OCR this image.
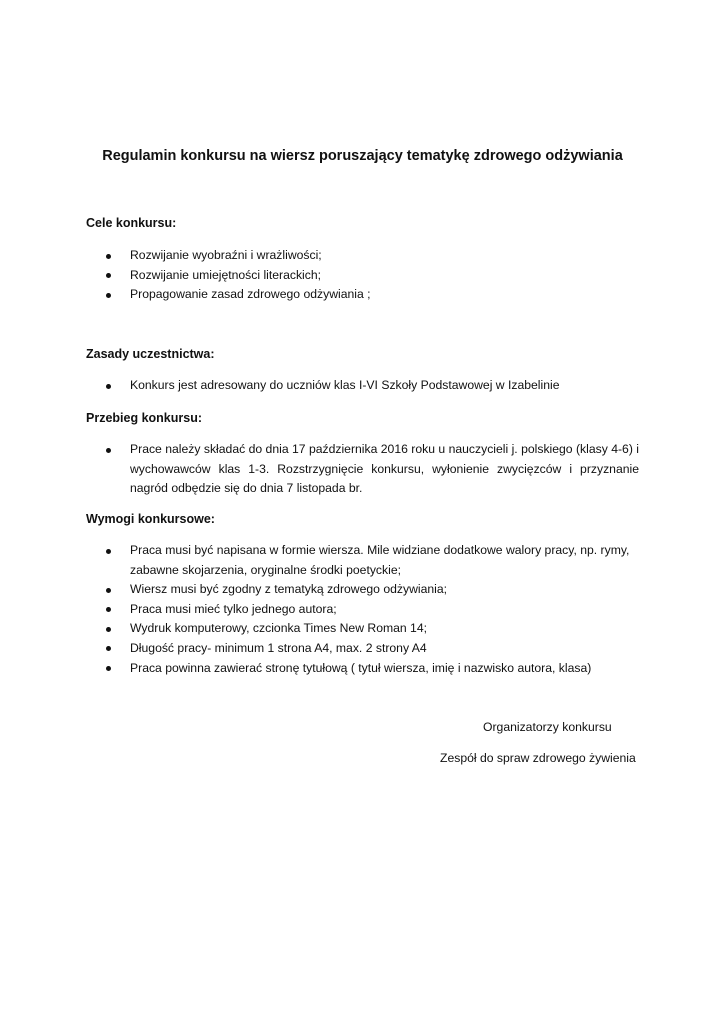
Regulamin konkursu na wiersz poruszający tematykę zdrowego odżywiania
Cele konkursu:
Rozwijanie wyobraźni i wrażliwości;
Rozwijanie umiejętności literackich;
Propagowanie zasad zdrowego odżywiania ;
Zasady uczestnictwa:
Konkurs jest adresowany do uczniów klas I-VI Szkoły Podstawowej w Izabelinie
Przebieg konkursu:
Prace należy składać do dnia 17 października 2016 roku u nauczycieli j. polskiego (klasy 4-6) i wychowawców klas 1-3. Rozstrzygnięcie konkursu, wyłonienie zwycięzców i przyznanie nagród odbędzie się do dnia 7 listopada br.
Wymogi konkursowe:
Praca musi być napisana w formie wiersza. Mile widziane dodatkowe walory pracy, np. rymy, zabawne skojarzenia, oryginalne środki poetyckie;
Wiersz musi być zgodny z tematyką zdrowego odżywiania;
Praca musi mieć tylko jednego autora;
Wydruk komputerowy, czcionka Times New Roman 14;
Długość pracy- minimum 1 strona A4, max. 2 strony A4
Praca powinna zawierać stronę tytułową ( tytuł wiersza, imię i nazwisko autora, klasa)

Organizatorzy konkursu

Zespół do spraw zdrowego żywienia
